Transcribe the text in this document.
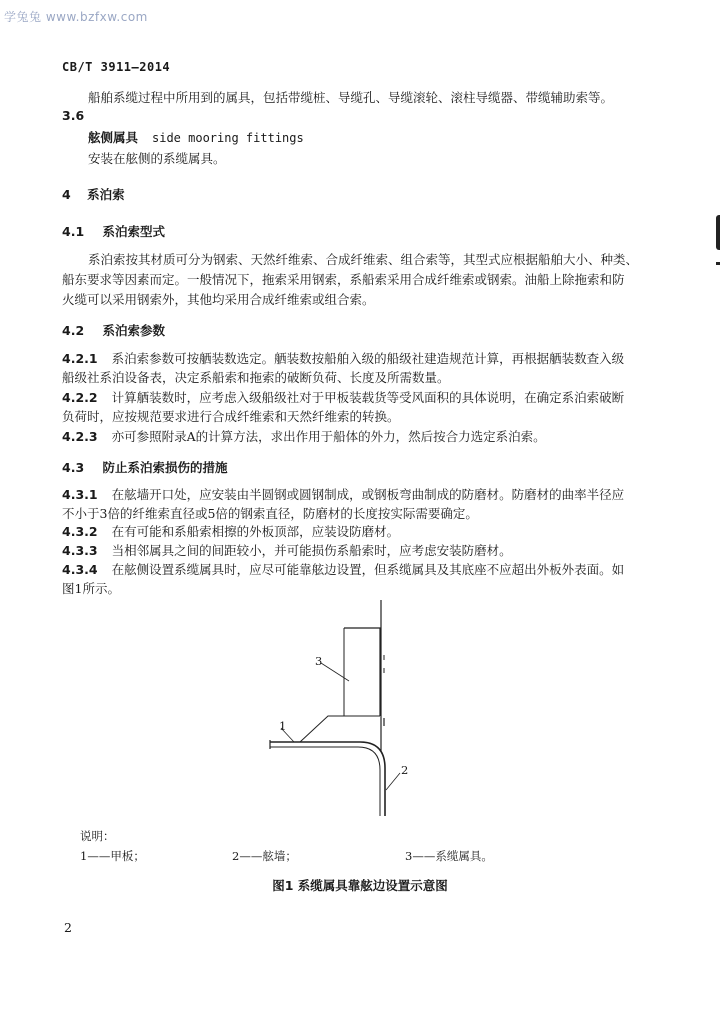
学兔兔 www.bzfxw.com
CB/T 3911—2014
船舶系缆过程中所用到的属具，包括带缆桩、导缆孔、导缆滚轮、滚柱导缆器、带缆辅助索等。
3.6
舷侧属具 side mooring fittings
安装在舷侧的系缆属具。
4 系泊索
4.1 系泊索型式
系泊索按其材质可分为钢索、天然纤维索、合成纤维索、组合索等，其型式应根据船舶大小、种类、
船东要求等因素而定。一般情况下，拖索采用钢索，系船索采用合成纤维索或钢索。油船上除拖索和防
火缆可以采用钢索外，其他均采用合成纤维索或组合索。
4.2 系泊索参数
4.2.1 系泊索参数可按舾装数选定。舾装数按船舶入级的船级社建造规范计算，再根据舾装数查入级
船级社系泊设备表，决定系船索和拖索的破断负荷、长度及所需数量。
4.2.2 计算舾装数时，应考虑入级船级社对于甲板装载货等受风面积的具体说明，在确定系泊索破断
负荷时，应按规范要求进行合成纤维索和天然纤维索的转换。
4.2.3 亦可参照附录A的计算方法，求出作用于船体的外力，然后按合力选定系泊索。
4.3 防止系泊索损伤的措施
4.3.1 在舷墙开口处，应安装由半圆钢或圆钢制成，或钢板弯曲制成的防磨材。防磨材的曲率半径应
不小于3倍的纤维索直径或5倍的钢索直径，防磨材的长度按实际需要确定。
4.3.2 在有可能和系船索相擦的外板顶部，应装设防磨材。
4.3.3 当相邻属具之间的间距较小，并可能损伤系船索时，应考虑安装防磨材。
4.3.4 在舷侧设置系缆属具时，应尽可能靠舷边设置，但系缆属具及其底座不应超出外板外表面。如
图1所示。
3
1
2
说明：
1——甲板；	2——舷墙；	3——系缆属具。
图1 系缆属具靠舷边设置示意图
2
